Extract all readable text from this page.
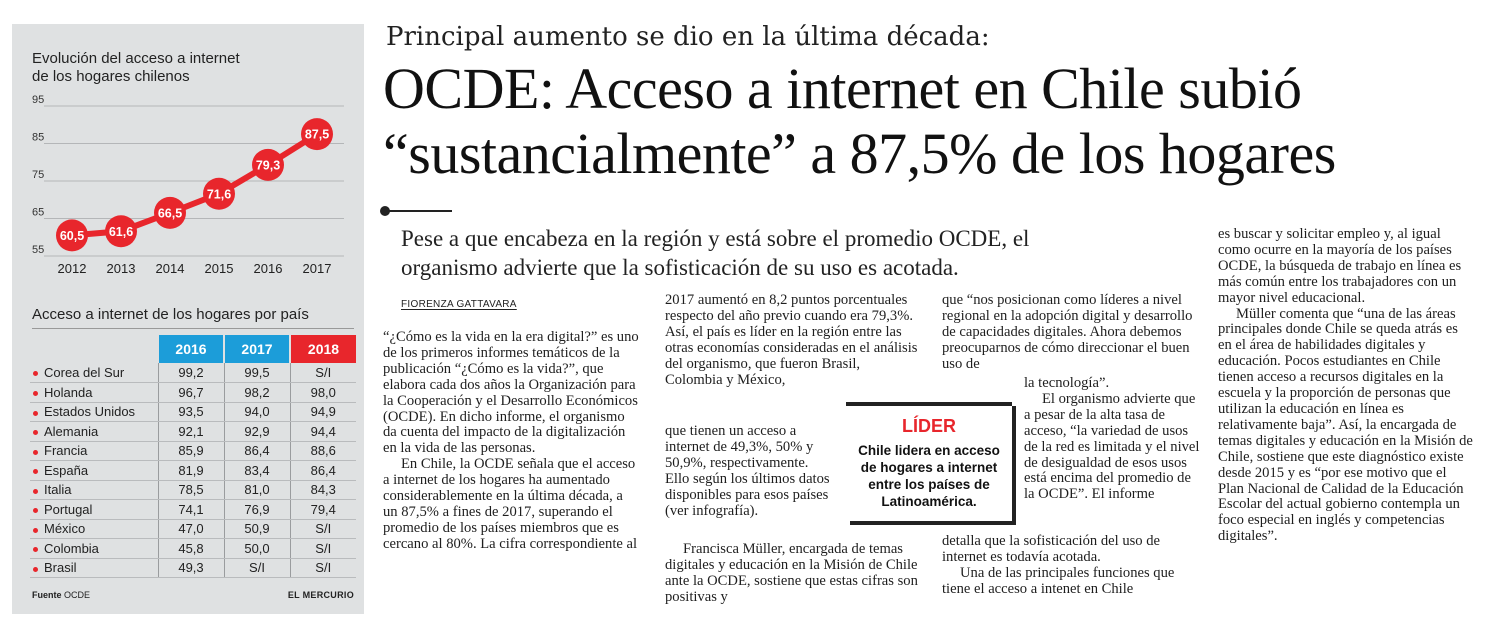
Evolución del acceso a internet
de los hogares chilenos
95
85
75
65
55
60,5 61,6
66,5
71,6
79,3
87,5
2012 2013 2014 2015 2016 2017
Acceso a internet de los hogares por país
	2016	2017	2018
Corea del Sur	99,2	99,5	S/I
Holanda	96,7	98,2	98,0
Estados Unidos	93,5	94,0	94,9
Alemania	92,1	92,9	94,4
Francia	85,9	86,4	88,6
España	81,9	83,4	86,4
Italia	78,5	81,0	84,3
Portugal	74,1	76,9	79,4
México	47,0	50,9	S/I
Colombia	45,8	50,0	S/I
Brasil	49,3	S/I	S/I
Fuente OCDE	EL MERCURIO
Principal aumento se dio en la última década:
OCDE: Acceso a internet en Chile subió
“sustancialmente” a 87,5% de los hogares
Pese a que encabeza en la región y está sobre el promedio OCDE, el
organismo advierte que la sofisticación de su uso es acotada.
FIORENZA GATTAVARA

“¿Cómo es la vida en la era digital?” es uno de los primeros informes temáticos de la publicación “¿Cómo es la vida?”, que elabora cada dos años la Organización para la Cooperación y el Desarrollo Económicos (OCDE). En dicho informe, el organismo da cuenta del impacto de la digitalización en la vida de las personas.

En Chile, la OCDE señala que el acceso a internet de los hogares ha aumentado considerablemente en la última década, a un 87,5% a fines de 2017, superando el promedio de los países miembros que es cercano al 80%. La cifra correspondiente al

2017 aumentó en 8,2 puntos porcentuales respecto del año previo cuando era 79,3%. Así, el país es líder en la región entre las otras economías consideradas en el análisis del organismo, que fueron Brasil, Colombia y México,

que tienen un acceso a internet de 49,3%, 50% y 50,9%, respectivamente. Ello según los últimos datos disponibles para esos países (ver infografía).

Francisca Müller, encargada de temas digitales y educación en la Misión de Chile ante la OCDE, sostiene que estas cifras son positivas y

que “nos posicionan como líderes a nivel regional en la adopción digital y desarrollo de capacidades digitales. Ahora debemos preocuparnos de cómo direccionar el buen uso de

la tecnología”.

El organismo advierte que a pesar de la alta tasa de acceso, “la variedad de usos de la red es limitada y el nivel de desigualdad de esos usos está encima del promedio de la OCDE”. El informe

detalla que la sofisticación del uso de internet es todavía acotada.

Una de las principales funciones que tiene el acceso a intenet en Chile

es buscar y solicitar empleo y, al igual como ocurre en la mayoría de los países OCDE, la búsqueda de trabajo en línea es más común entre los trabajadores con un mayor nivel educacional.

Müller comenta que “una de las áreas principales donde Chile se queda atrás es en el área de habilidades digitales y educación. Pocos estudiantes en Chile tienen acceso a recursos digitales en la escuela y la proporción de personas que utilizan la educación en línea es relativamente baja”. Así, la encargada de temas digitales y educación en la Misión de Chile, sostiene que este diagnóstico existe desde 2015 y es “por ese motivo que el Plan Nacional de Calidad de la Educación Escolar del actual gobierno contempla un foco especial en inglés y competencias digitales”.

LÍDER
Chile lidera en acceso de hogares a internet entre los países de Latinoamérica.
